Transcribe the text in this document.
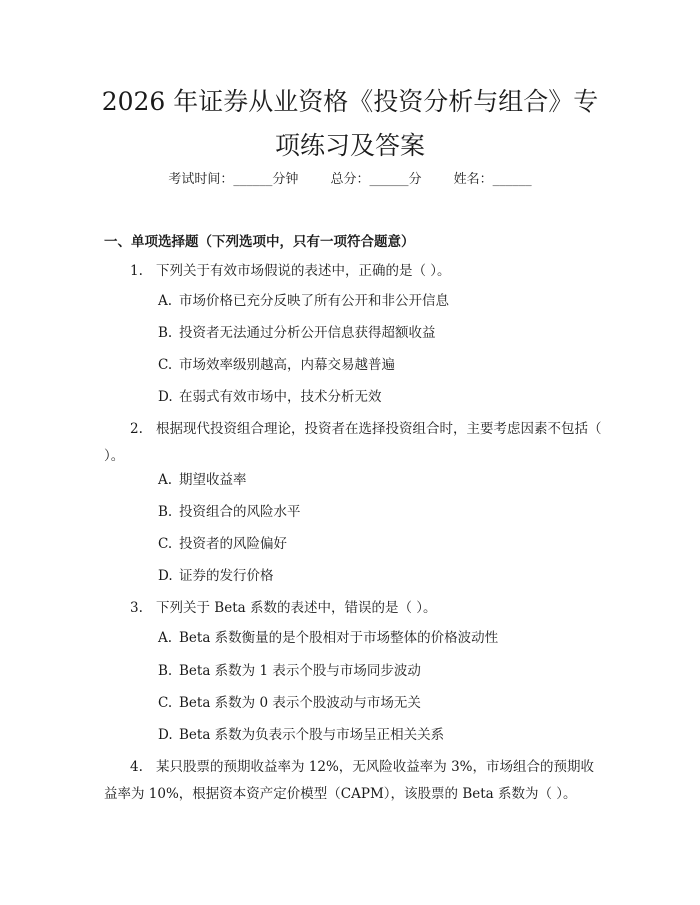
2026 年证券从业资格《投资分析与组合》专
项练习及答案
考试时间：______分钟 总分：______分 姓名：______
一、单项选择题（下列选项中，只有一项符合题意）
1. 下列关于有效市场假说的表述中，正确的是（ ）。
A. 市场价格已充分反映了所有公开和非公开信息
B. 投资者无法通过分析公开信息获得超额收益
C. 市场效率级别越高，内幕交易越普遍
D. 在弱式有效市场中，技术分析无效
2. 根据现代投资组合理论，投资者在选择投资组合时，主要考虑因素不包括（ ）。
A. 期望收益率
B. 投资组合的风险水平
C. 投资者的风险偏好
D. 证券的发行价格
3. 下列关于 Beta 系数的表述中，错误的是（ ）。
A. Beta 系数衡量的是个股相对于市场整体的价格波动性
B. Beta 系数为 1 表示个股与市场同步波动
C. Beta 系数为 0 表示个股波动与市场无关
D. Beta 系数为负表示个股与市场呈正相关关系
4. 某只股票的预期收益率为 12%，无风险收益率为 3%，市场组合的预期收益率为 10%，根据资本资产定价模型（CAPM），该股票的 Beta 系数为（ ）。
